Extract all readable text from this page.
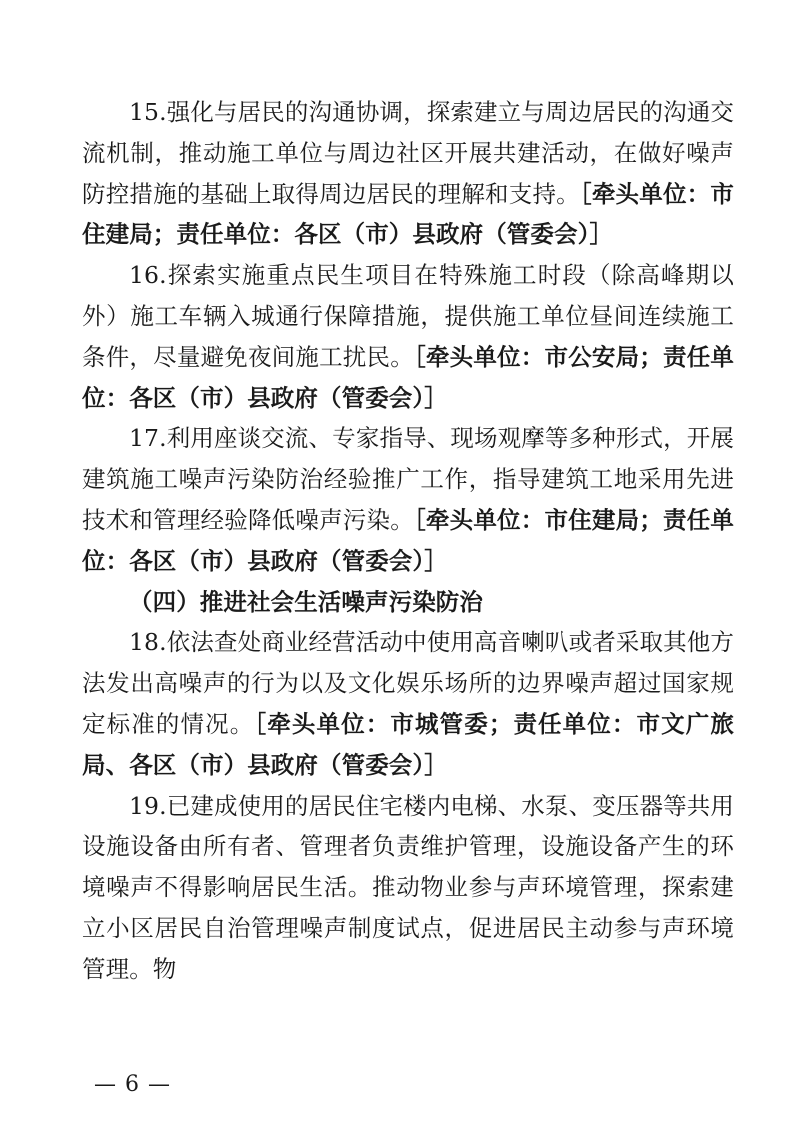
15.强化与居民的沟通协调，探索建立与周边居民的沟通交流机制，推动施工单位与周边社区开展共建活动，在做好噪声防控措施的基础上取得周边居民的理解和支持。［牵头单位：市住建局；责任单位：各区（市）县政府（管委会）］

16.探索实施重点民生项目在特殊施工时段（除高峰期以外）施工车辆入城通行保障措施，提供施工单位昼间连续施工条件，尽量避免夜间施工扰民。［牵头单位：市公安局；责任单位：各区（市）县政府（管委会）］

17.利用座谈交流、专家指导、现场观摩等多种形式，开展建筑施工噪声污染防治经验推广工作，指导建筑工地采用先进技术和管理经验降低噪声污染。［牵头单位：市住建局；责任单位：各区（市）县政府（管委会）］

（四）推进社会生活噪声污染防治

18.依法查处商业经营活动中使用高音喇叭或者采取其他方法发出高噪声的行为以及文化娱乐场所的边界噪声超过国家规定标准的情况。［牵头单位：市城管委；责任单位：市文广旅局、各区（市）县政府（管委会）］

19.已建成使用的居民住宅楼内电梯、水泵、变压器等共用设施设备由所有者、管理者负责维护管理，设施设备产生的环境噪声不得影响居民生活。推动物业参与声环境管理，探索建立小区居民自治管理噪声制度试点，促进居民主动参与声环境管理。物

— 6 —
